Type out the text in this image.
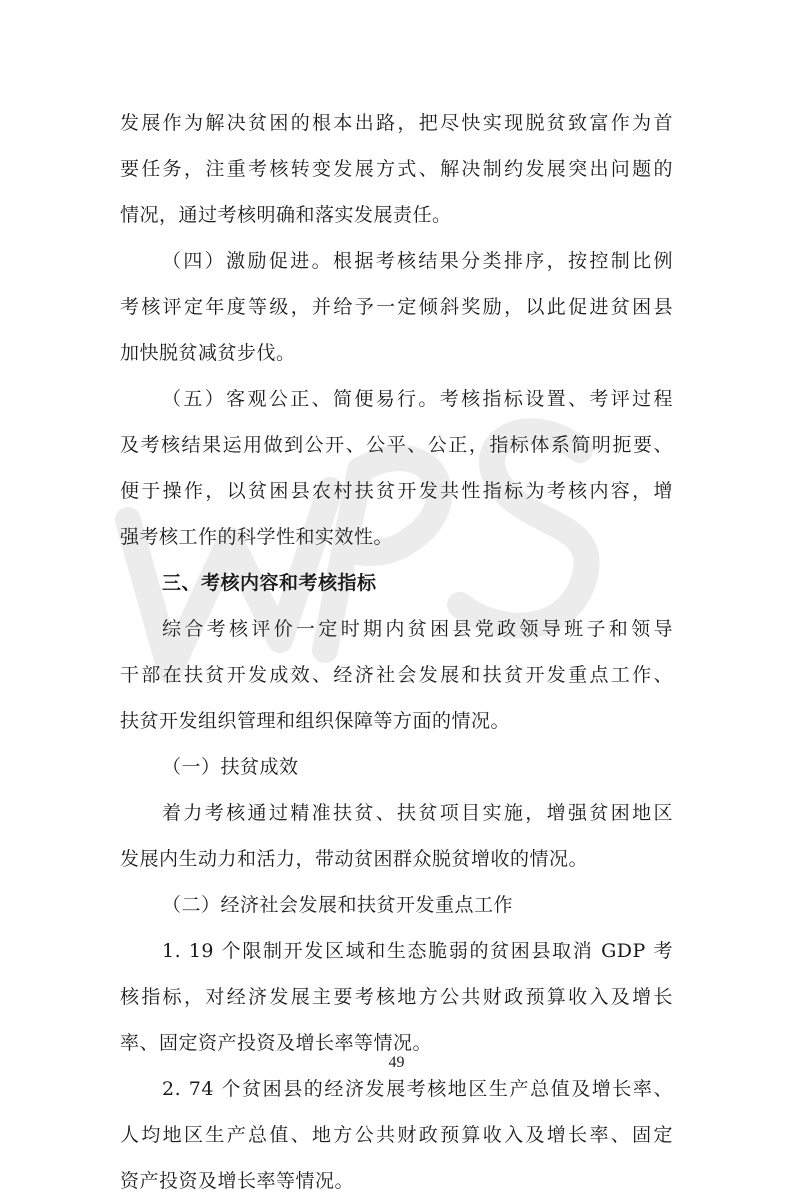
发展作为解决贫困的根本出路，把尽快实现脱贫致富作为首
要任务，注重考核转变发展方式、解决制约发展突出问题的
情况，通过考核明确和落实发展责任。
（四）激励促进。根据考核结果分类排序，按控制比例
考核评定年度等级，并给予一定倾斜奖励，以此促进贫困县
加快脱贫减贫步伐。
（五）客观公正、简便易行。考核指标设置、考评过程
及考核结果运用做到公开、公平、公正，指标体系简明扼要、
便于操作，以贫困县农村扶贫开发共性指标为考核内容，增
强考核工作的科学性和实效性。
三、考核内容和考核指标
综合考核评价一定时期内贫困县党政领导班子和领导
干部在扶贫开发成效、经济社会发展和扶贫开发重点工作、
扶贫开发组织管理和组织保障等方面的情况。
（一）扶贫成效
着力考核通过精准扶贫、扶贫项目实施，增强贫困地区
发展内生动力和活力，带动贫困群众脱贫增收的情况。
（二）经济社会发展和扶贫开发重点工作
1. 19 个限制开发区域和生态脆弱的贫困县取消 GDP 考
核指标，对经济发展主要考核地方公共财政预算收入及增长
率、固定资产投资及增长率等情况。
2. 74 个贫困县的经济发展考核地区生产总值及增长率、
人均地区生产总值、地方公共财政预算收入及增长率、固定
资产投资及增长率等情况。
49
